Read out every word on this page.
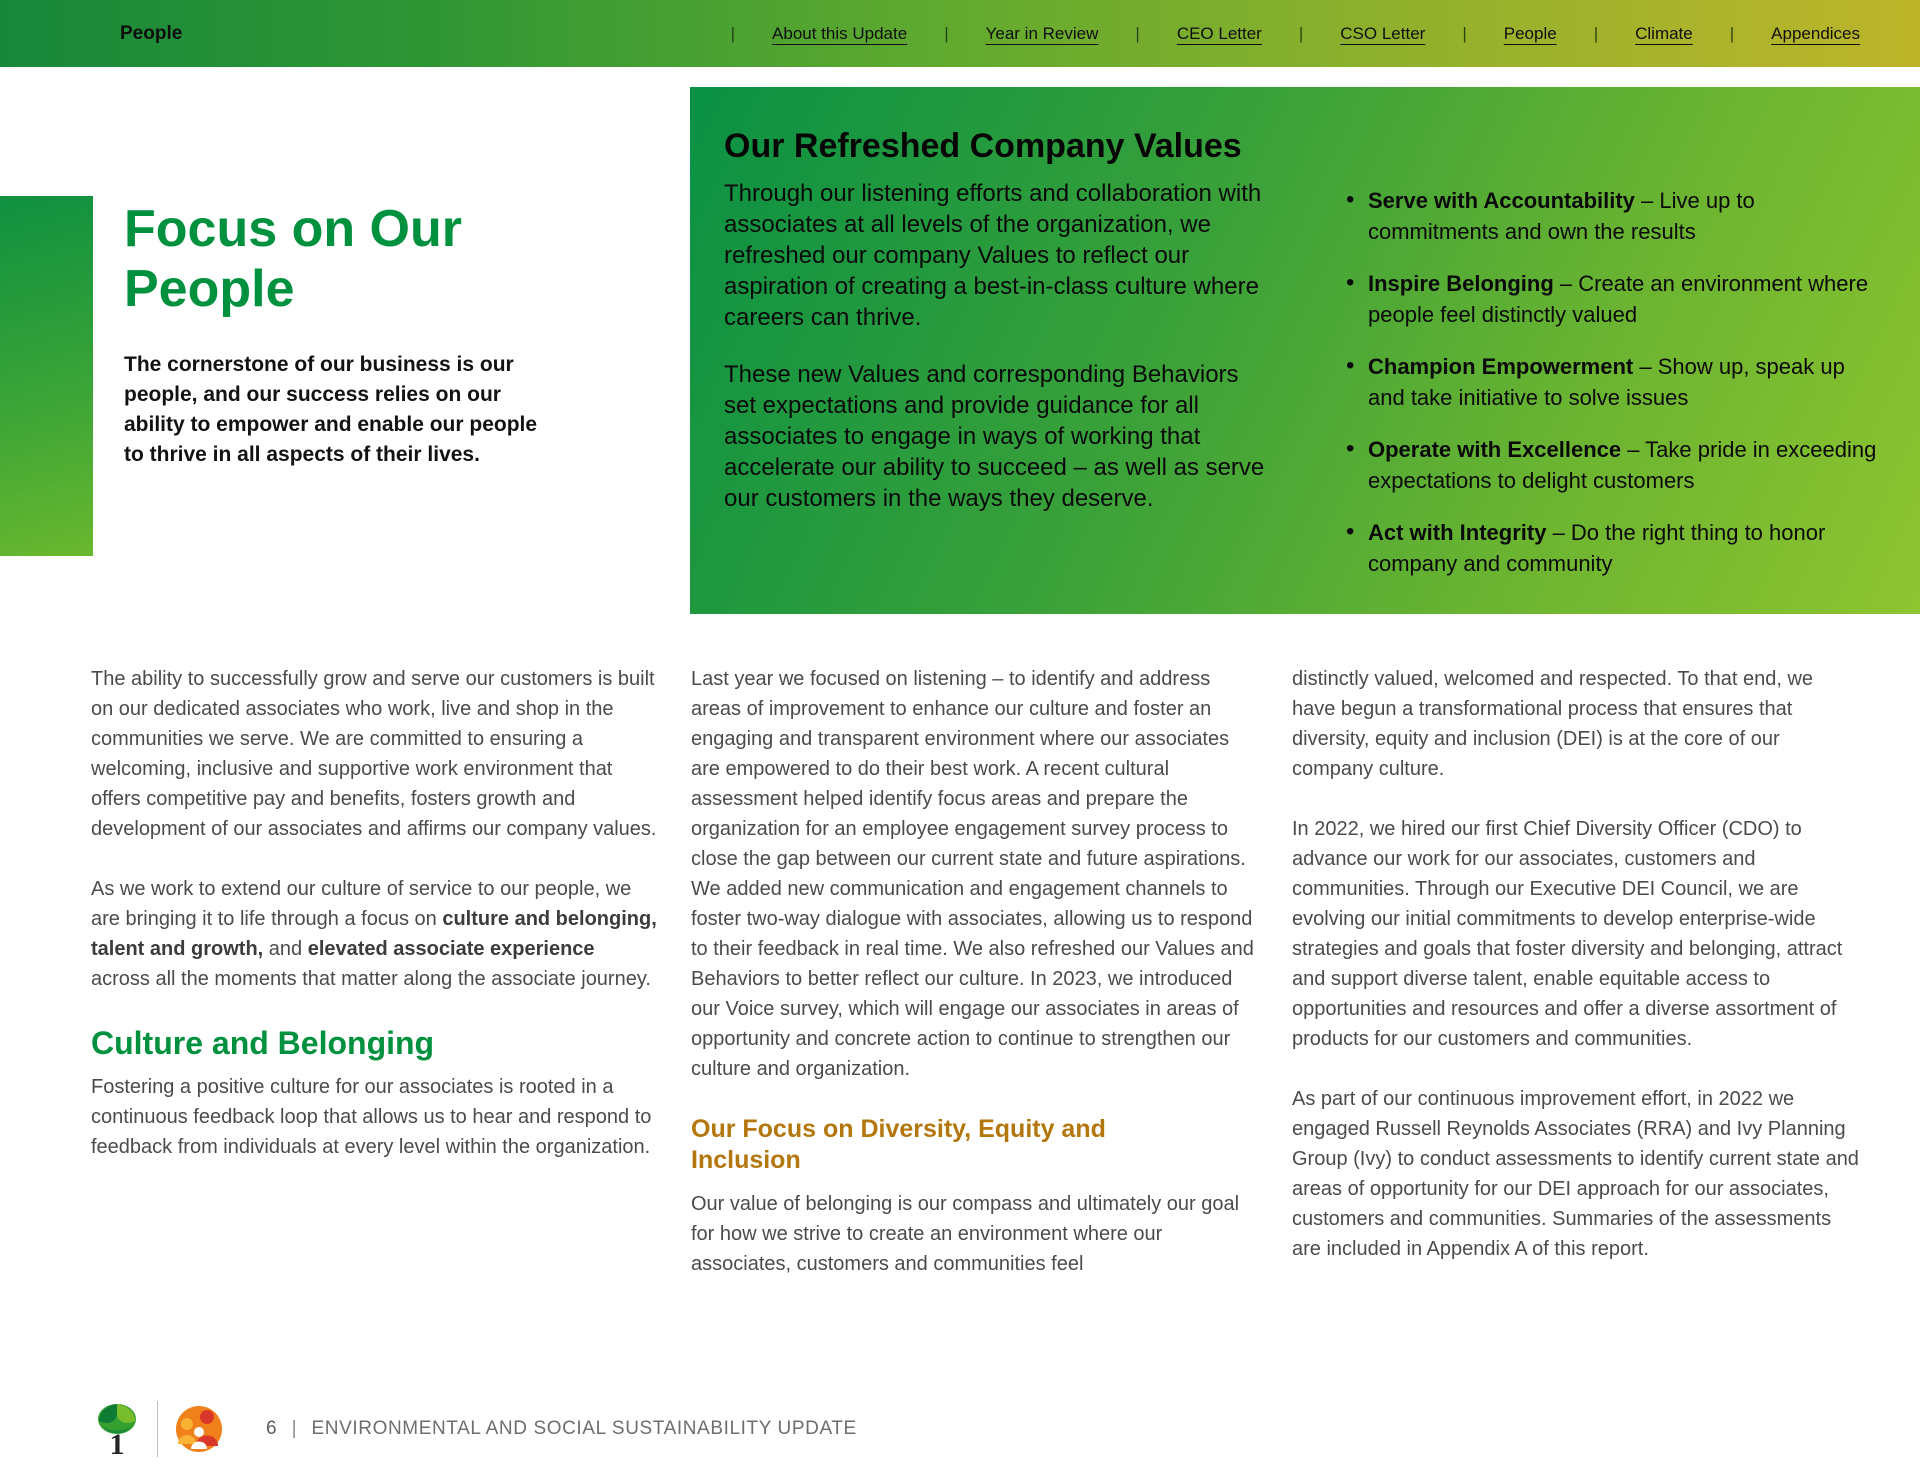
People	| About this Update | Year in Review | CEO Letter | CSO Letter | People | Climate | Appendices
Focus on Our People

The cornerstone of our business is our people, and our success relies on our ability to empower and enable our people to thrive in all aspects of their lives.

Our Refreshed Company Values

Through our listening efforts and collaboration with associates at all levels of the organization, we refreshed our company Values to reflect our aspiration of creating a best-in-class culture where careers can thrive.

These new Values and corresponding Behaviors set expectations and provide guidance for all associates to engage in ways of working that accelerate our ability to succeed – as well as serve our customers in the ways they deserve.

• Serve with Accountability – Live up to commitments and own the results
• Inspire Belonging – Create an environment where people feel distinctly valued
• Champion Empowerment – Show up, speak up and take initiative to solve issues
• Operate with Excellence – Take pride in exceeding expectations to delight customers
• Act with Integrity – Do the right thing to honor company and community

The ability to successfully grow and serve our customers is built on our dedicated associates who work, live and shop in the communities we serve. We are committed to ensuring a welcoming, inclusive and supportive work environment that offers competitive pay and benefits, fosters growth and development of our associates and affirms our company values.

As we work to extend our culture of service to our people, we are bringing it to life through a focus on culture and belonging, talent and growth, and elevated associate experience across all the moments that matter along the associate journey.

Culture and Belonging

Fostering a positive culture for our associates is rooted in a continuous feedback loop that allows us to hear and respond to feedback from individuals at every level within the organization.

Last year we focused on listening – to identify and address areas of improvement to enhance our culture and foster an engaging and transparent environment where our associates are empowered to do their best work. A recent cultural assessment helped identify focus areas and prepare the organization for an employee engagement survey process to close the gap between our current state and future aspirations. We added new communication and engagement channels to foster two-way dialogue with associates, allowing us to respond to their feedback in real time. We also refreshed our Values and Behaviors to better reflect our culture. In 2023, we introduced our Voice survey, which will engage our associates in areas of opportunity and concrete action to continue to strengthen our culture and organization.

Our Focus on Diversity, Equity and Inclusion

Our value of belonging is our compass and ultimately our goal for how we strive to create an environment where our associates, customers and communities feel

distinctly valued, welcomed and respected. To that end, we have begun a transformational process that ensures that diversity, equity and inclusion (DEI) is at the core of our company culture.

In 2022, we hired our first Chief Diversity Officer (CDO) to advance our work for our associates, customers and communities. Through our Executive DEI Council, we are evolving our initial commitments to develop enterprise-wide strategies and goals that foster diversity and belonging, attract and support diverse talent, enable equitable access to opportunities and resources and offer a diverse assortment of products for our customers and communities.

As part of our continuous improvement effort, in 2022 we engaged Russell Reynolds Associates (RRA) and Ivy Planning Group (Ivy) to conduct assessments to identify current state and areas of opportunity for our DEI approach for our associates, customers and communities. Summaries of the assessments are included in Appendix A of this report.

1	6 | ENVIRONMENTAL AND SOCIAL SUSTAINABILITY UPDATE
